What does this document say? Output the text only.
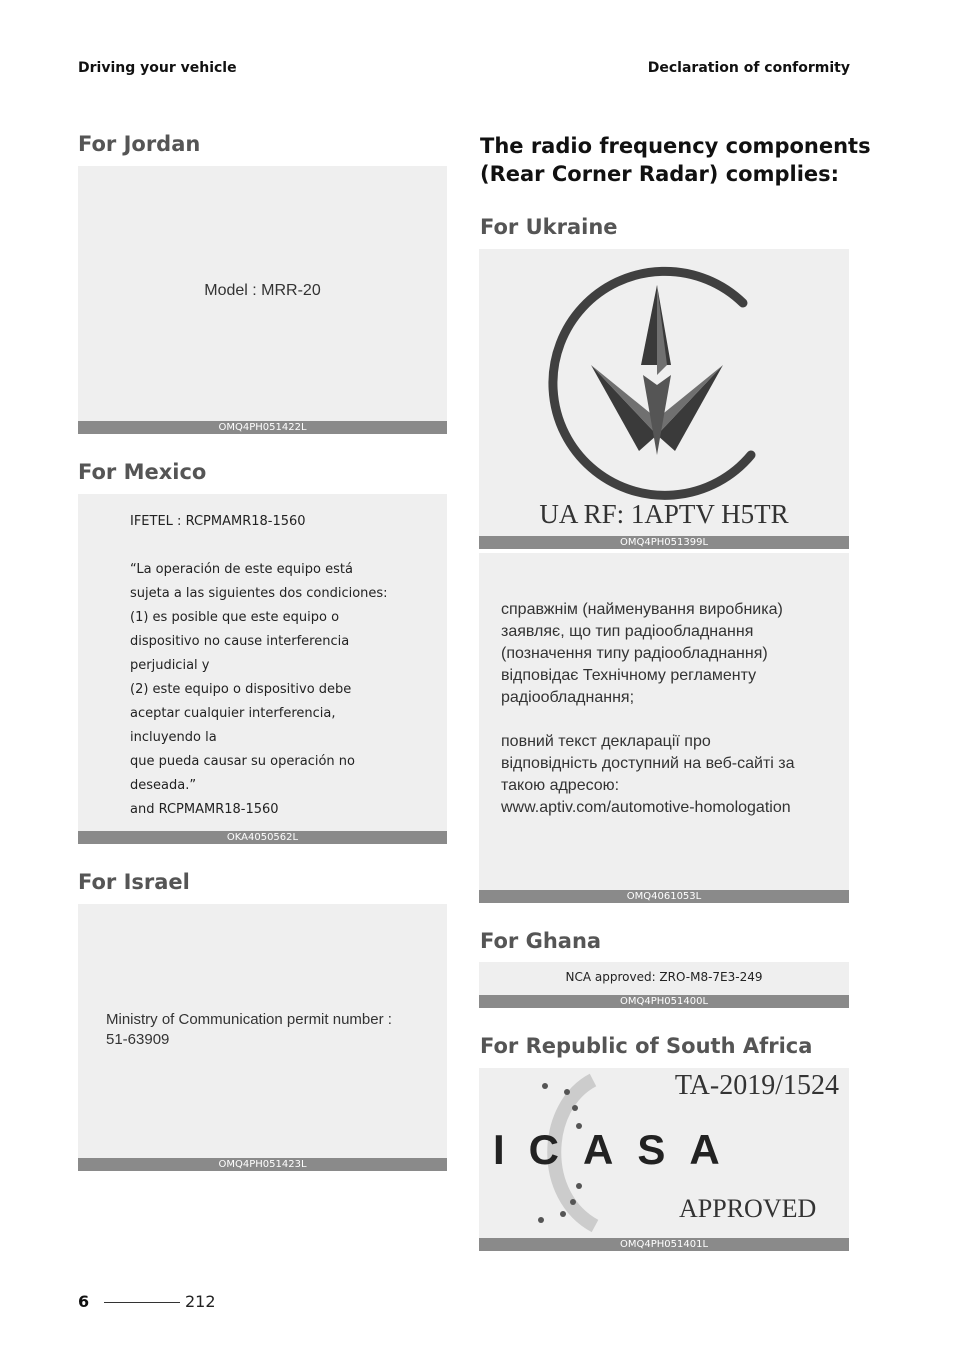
Driving your vehicle	Declaration of conformity
For Jordan
Model : MRR-20
OMQ4PH051422L
For Mexico
IFETEL : RCPMAMR18-1560
“La operación de este equipo está
sujeta a las siguientes dos condiciones:
(1) es posible que este equipo o
dispositivo no cause interferencia
perjudicial y
(2) este equipo o dispositivo debe
aceptar cualquier interferencia,
incluyendo la
que pueda causar su operación no
deseada.”
and RCPMAMR18-1560
OKA4050562L
For Israel
Ministry of Communication permit number :
51-63909
OMQ4PH051423L
The radio frequency components
(Rear Corner Radar) complies:
For Ukraine
UA RF: 1APTV H5TR
OMQ4PH051399L
справжнім (найменування виробника)
заявляє, що тип радіообладнання
(позначення типу радіообладнання)
відповідає Технічному регламенту
радіообладнання;
повний текст декларації про
відповідність доступний на веб-сайті за
такою адресою:
www.aptiv.com/automotive-homologation
OMQ4061053L
For Ghana
NCA approved: ZRO-M8-7E3-249
OMQ4PH051400L
For Republic of South Africa
TA-2019/1524
ICASA
APPROVED
OMQ4PH051401L
6	212
